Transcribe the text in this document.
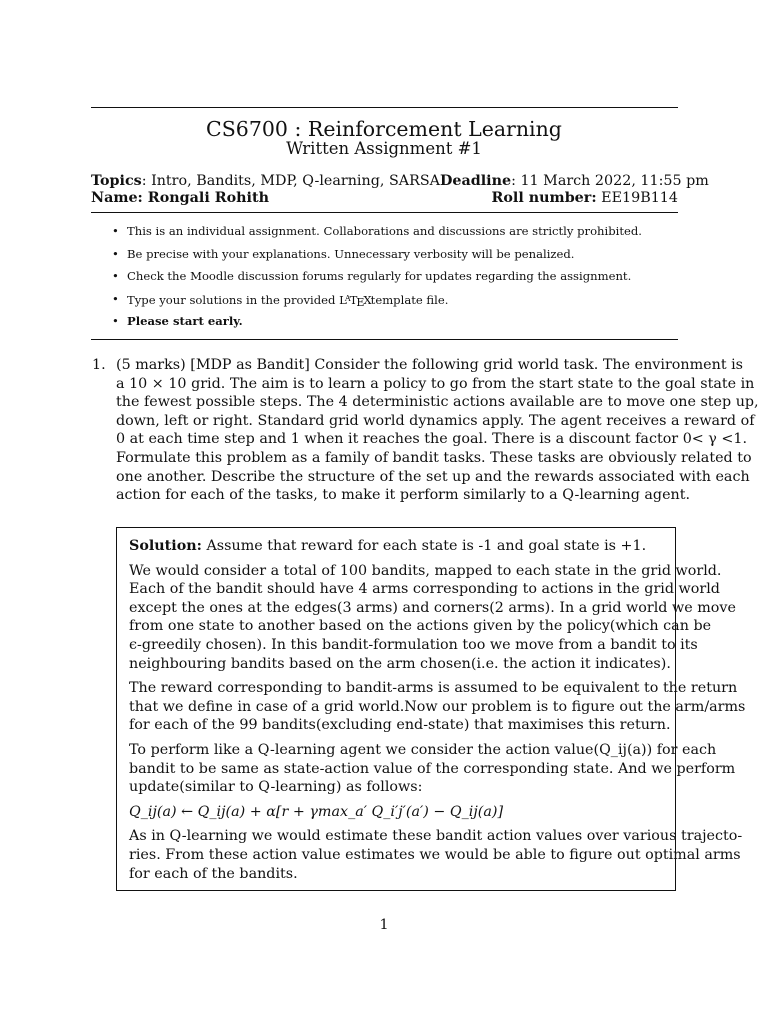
CS6700 : Reinforcement Learning
Written Assignment #1
Topics: Intro, Bandits, MDP, Q-learning, SARSA Deadline: 11 March 2022, 11:55 pm
Name: Rongali Rohith	Roll number: EE19B114
• This is an individual assignment. Collaborations and discussions are strictly prohibited.
• Be precise with your explanations. Unnecessary verbosity will be penalized.
• Check the Moodle discussion forums regularly for updates regarding the assignment.
• Type your solutions in the provided $L^AT_EXtemplate$ file.
• Please start early.
1. (5 marks) [MDP as Bandit] Consider the following grid world task. The environment is
a 10 × 10 grid. The aim is to learn a policy to go from the start state to the goal state in
the fewest possible steps. The 4 deterministic actions available are to move one step up,
down, left or right. Standard grid world dynamics apply. The agent receives a reward of
0 at each time step and 1 when it reaches the goal. There is a discount factor 0< γ <1.
Formulate this problem as a family of bandit tasks. These tasks are obviously related to
one another. Describe the structure of the set up and the rewards associated with each
action for each of the tasks, to make it perform similarly to a Q-learning agent.

Solution: Assume that reward for each state is -1 and goal state is +1.

We would consider a total of 100 bandits, mapped to each state in the grid world.
Each of the bandit should have 4 arms corresponding to actions in the grid world
except the ones at the edges(3 arms) and corners(2 arms). In a grid world we move
from one state to another based on the actions given by the policy(which can be
ϵ-greedily chosen). In this bandit-formulation too we move from a bandit to its
neighbouring bandits based on the arm chosen(i.e. the action it indicates).

The reward corresponding to bandit-arms is assumed to be equivalent to the return
that we define in case of a grid world.Now our problem is to figure out the arm/arms
for each of the 99 bandits(excluding end-state) that maximises this return.

To perform like a Q-learning agent we consider the action value(Q_ij(a)) for each
bandit to be same as state-action value of the corresponding state. And we perform
update(similar to Q-learning) as follows:

Q_ij(a) ← Q_ij(a) + α[r + γmax_a′ Q_i′j′(a′) − Q_ij(a)]

As in Q-learning we would estimate these bandit action values over various trajecto-
ries. From these action value estimates we would be able to figure out optimal arms
for each of the bandits.

1
